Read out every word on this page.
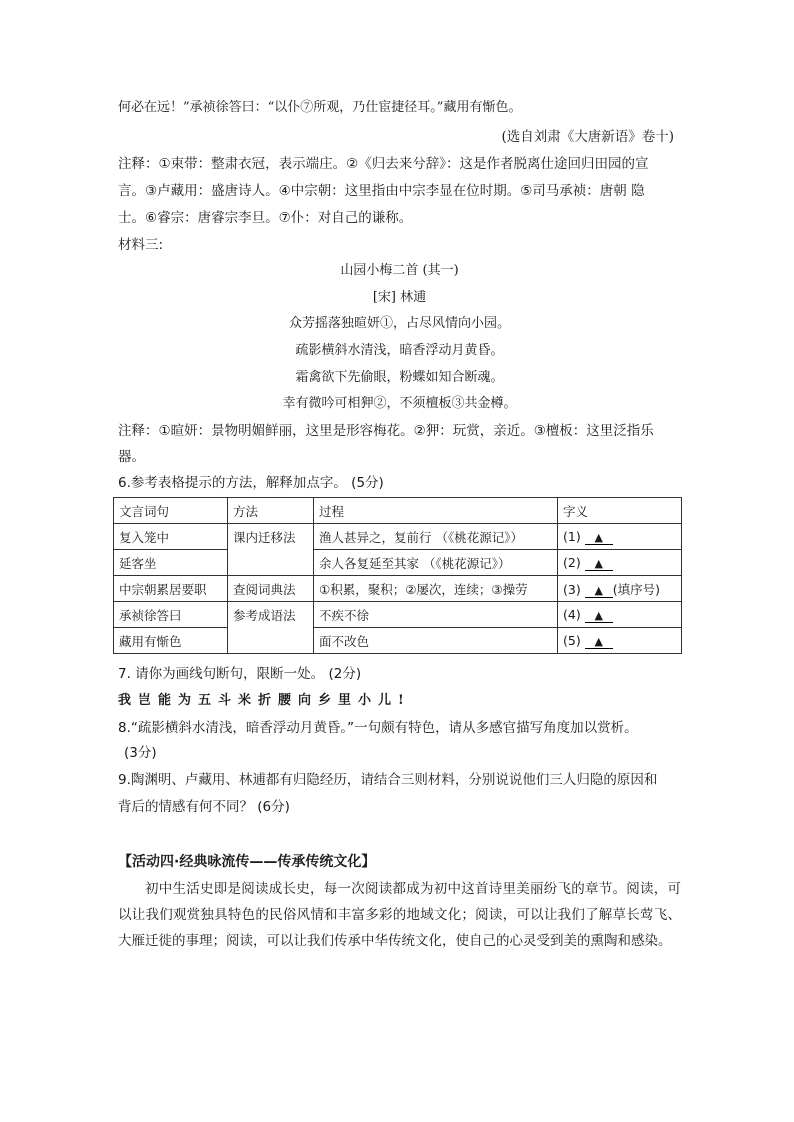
何必在远！”承祯徐答曰：“以仆⑦所观，乃仕宦捷径耳。”藏用有惭色。
(选自刘肃《大唐新语》卷十)
注释：①束带：整肃衣冠，表示端庄。②《归去来兮辞》：这是作者脱离仕途回归田园的宣
言。③卢藏用：盛唐诗人。④中宗朝：这里指由中宗李显在位时期。⑤司马承祯：唐朝 隐
士。⑥睿宗：唐睿宗李旦。⑦仆：对自己的谦称。
材料三:
山园小梅二首 (其一)
[宋] 林逋
众芳摇落独暄妍①，占尽风情向小园。
疏影横斜水清浅，暗香浮动月黄昏。
霜禽欲下先偷眼，粉蝶如知合断魂。
幸有微吟可相狎②，不须檀板③共金樽。
注释：①暄妍：景物明媚鲜丽，这里是形容梅花。②狎：玩赏，亲近。③檀板：这里泛指乐
器。
6.参考表格提示的方法，解释加点字。 (5分)
文言词句	方法	过程	字义
复入笼中	课内迁移法	渔人甚异之，复前行 （《桃花源记》）	(1) ▲
延客坐		余人各复延至其家 （《桃花源记》）	(2) ▲
中宗朝累居要职	查阅词典法	①积累，聚积；②屡次，连续；③操劳	(3) ▲ (填序号)
承祯徐答曰	参考成语法	不疾不徐	(4) ▲
藏用有惭色		面不改色	(5) ▲
7. 请你为画线句断句，限断一处。 (2分)
我岂能为五斗米折腰向乡里小儿!
8.“疏影横斜水清浅，暗香浮动月黄昏。”一句颇有特色，请从多感官描写角度加以赏析。
(3分)
9.陶渊明、卢藏用、林逋都有归隐经历，请结合三则材料，分别说说他们三人归隐的原因和
背后的情感有何不同？ (6分)
【活动四·经典咏流传——传承传统文化】
初中生活史即是阅读成长史，每一次阅读都成为初中这首诗里美丽纷飞的章节。阅读，可以让我们观赏独具特色的民俗风情和丰富多彩的地域文化；阅读，可以让我们了解草长莺飞、大雁迁徙的事理；阅读，可以让我们传承中华传统文化，使自己的心灵受到美的熏陶和感染。
